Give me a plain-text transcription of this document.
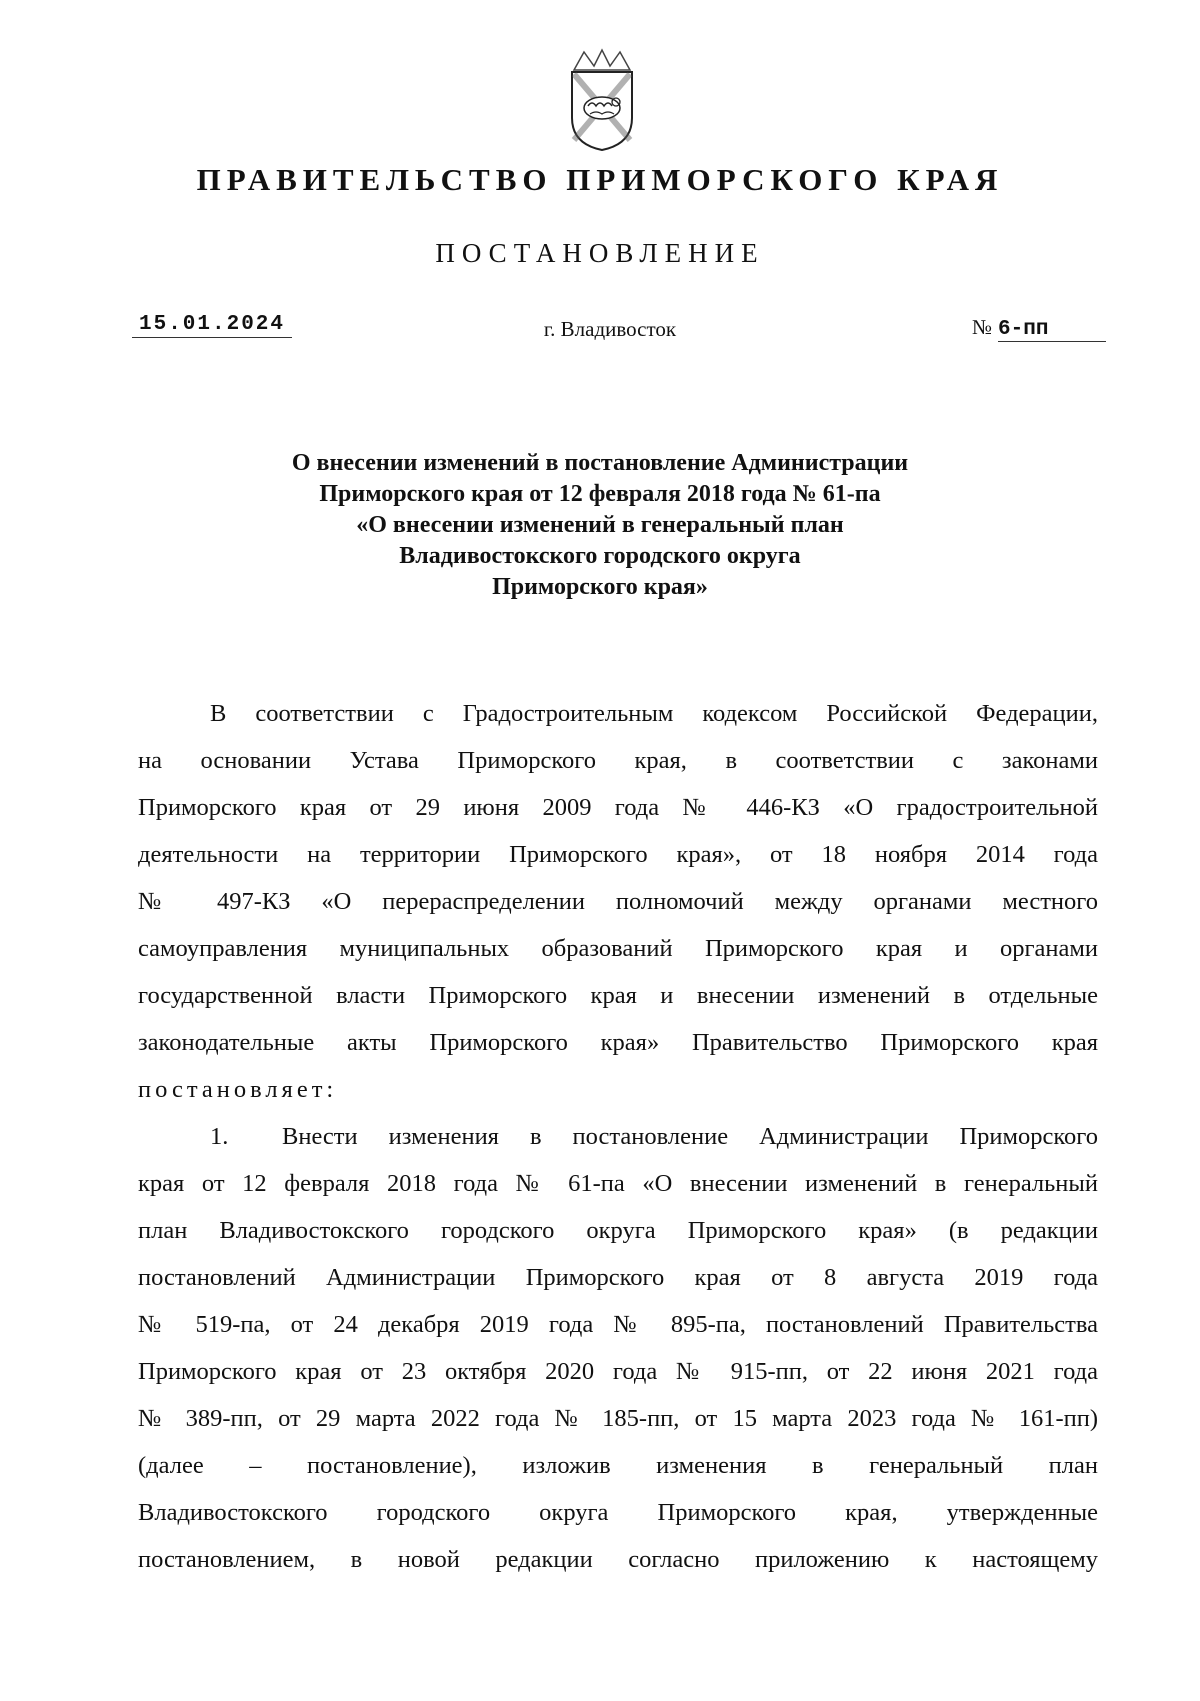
ПРАВИТЕЛЬСТВО ПРИМОРСКОГО КРАЯ
ПОСТАНОВЛЕНИЕ
15.01.2024	г. Владивосток	№ 6-пп
О внесении изменений в постановление Администрации
Приморского края от 12 февраля 2018 года № 61-па
«О внесении изменений в генеральный план
Владивостокского городского округа
Приморского края»
В соответствии с Градостроительным кодексом Российской Федерации,
на основании Устава Приморского края, в соответствии с законами
Приморского края от 29 июня 2009 года № 446-КЗ «О градостроительной
деятельности на территории Приморского края», от 18 ноября 2014 года
№ 497-КЗ «О перераспределении полномочий между органами местного
самоуправления муниципальных образований Приморского края и органами
государственной власти Приморского края и внесении изменений в отдельные
законодательные акты Приморского края» Правительство Приморского края
постановляет:
1.	Внести изменения в постановление Администрации Приморского
края от 12 февраля 2018 года № 61-па «О внесении изменений в генеральный
план Владивостокского городского округа Приморского края» (в редакции
постановлений Администрации Приморского края от 8 августа 2019 года
№ 519-па, от 24 декабря 2019 года № 895-па, постановлений Правительства
Приморского края от 23 октября 2020 года № 915-пп, от 22 июня 2021 года
№ 389-пп, от 29 марта 2022 года № 185-пп, от 15 марта 2023 года № 161-пп)
(далее – постановление), изложив изменения в генеральный план
Владивостокского городского округа Приморского края, утвержденные
постановлением, в новой редакции согласно приложению к настоящему
